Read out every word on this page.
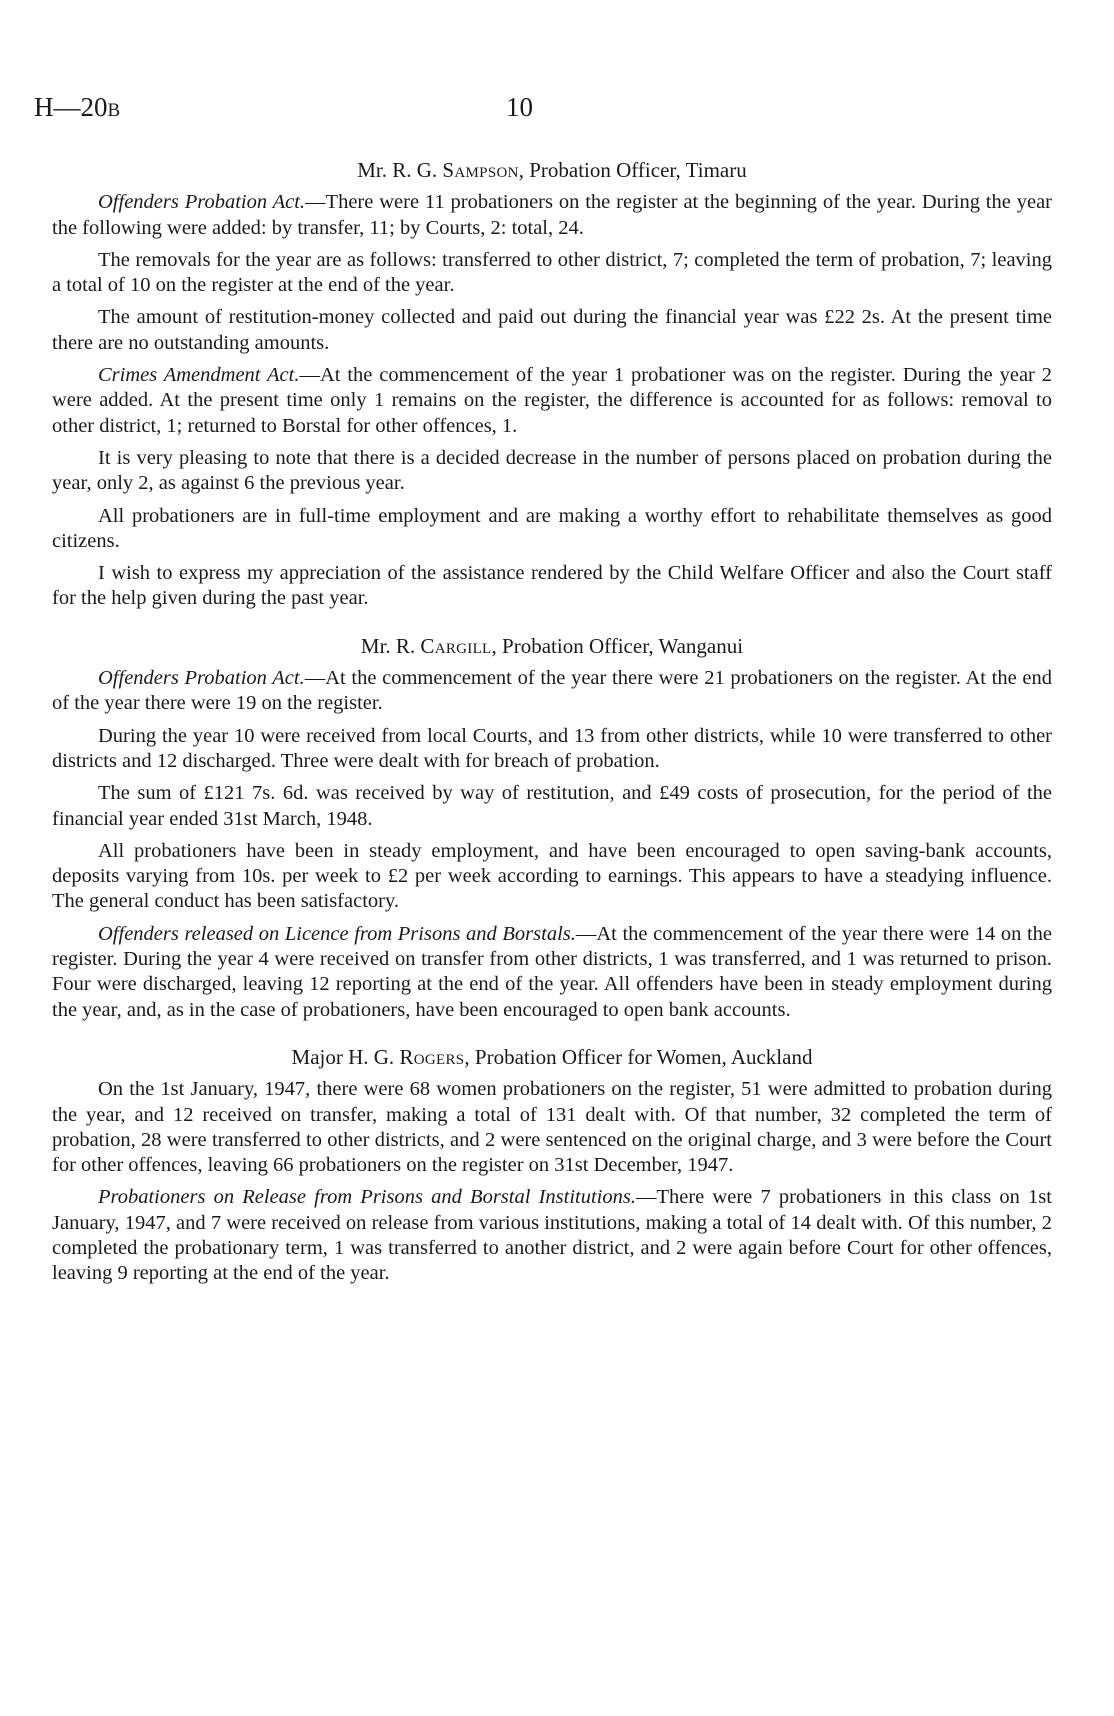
H—20B	10
Mr. R. G. Sampson, Probation Officer, Timaru

Offenders Probation Act.—There were 11 probationers on the register at the beginning of the year. During the year the following were added: by transfer, 11; by Courts, 2: total, 24.

The removals for the year are as follows: transferred to other district, 7; completed the term of probation, 7; leaving a total of 10 on the register at the end of the year.

The amount of restitution-money collected and paid out during the financial year was £22 2s. At the present time there are no outstanding amounts.

Crimes Amendment Act.—At the commencement of the year 1 probationer was on the register. During the year 2 were added. At the present time only 1 remains on the register, the difference is accounted for as follows: removal to other district, 1; returned to Borstal for other offences, 1.

It is very pleasing to note that there is a decided decrease in the number of persons placed on probation during the year, only 2, as against 6 the previous year.

All probationers are in full-time employment and are making a worthy effort to rehabilitate themselves as good citizens.

I wish to express my appreciation of the assistance rendered by the Child Welfare Officer and also the Court staff for the help given during the past year.

Mr. R. Cargill, Probation Officer, Wanganui

Offenders Probation Act.—At the commencement of the year there were 21 probationers on the register. At the end of the year there were 19 on the register.

During the year 10 were received from local Courts, and 13 from other districts, while 10 were transferred to other districts and 12 discharged. Three were dealt with for breach of probation.

The sum of £121 7s. 6d. was received by way of restitution, and £49 costs of prosecution, for the period of the financial year ended 31st March, 1948.

All probationers have been in steady employment, and have been encouraged to open saving-bank accounts, deposits varying from 10s. per week to £2 per week according to earnings. This appears to have a steadying influence. The general conduct has been satisfactory.

Offenders released on Licence from Prisons and Borstals.—At the commencement of the year there were 14 on the register. During the year 4 were received on transfer from other districts, 1 was transferred, and 1 was returned to prison. Four were discharged, leaving 12 reporting at the end of the year. All offenders have been in steady employment during the year, and, as in the case of probationers, have been encouraged to open bank accounts.

Major H. G. Rogers, Probation Officer for Women, Auckland

On the 1st January, 1947, there were 68 women probationers on the register, 51 were admitted to probation during the year, and 12 received on transfer, making a total of 131 dealt with. Of that number, 32 completed the term of probation, 28 were transferred to other districts, and 2 were sentenced on the original charge, and 3 were before the Court for other offences, leaving 66 probationers on the register on 31st December, 1947.

Probationers on Release from Prisons and Borstal Institutions.—There were 7 probationers in this class on 1st January, 1947, and 7 were received on release from various institutions, making a total of 14 dealt with. Of this number, 2 completed the probationary term, 1 was transferred to another district, and 2 were again before Court for other offences, leaving 9 reporting at the end of the year.
